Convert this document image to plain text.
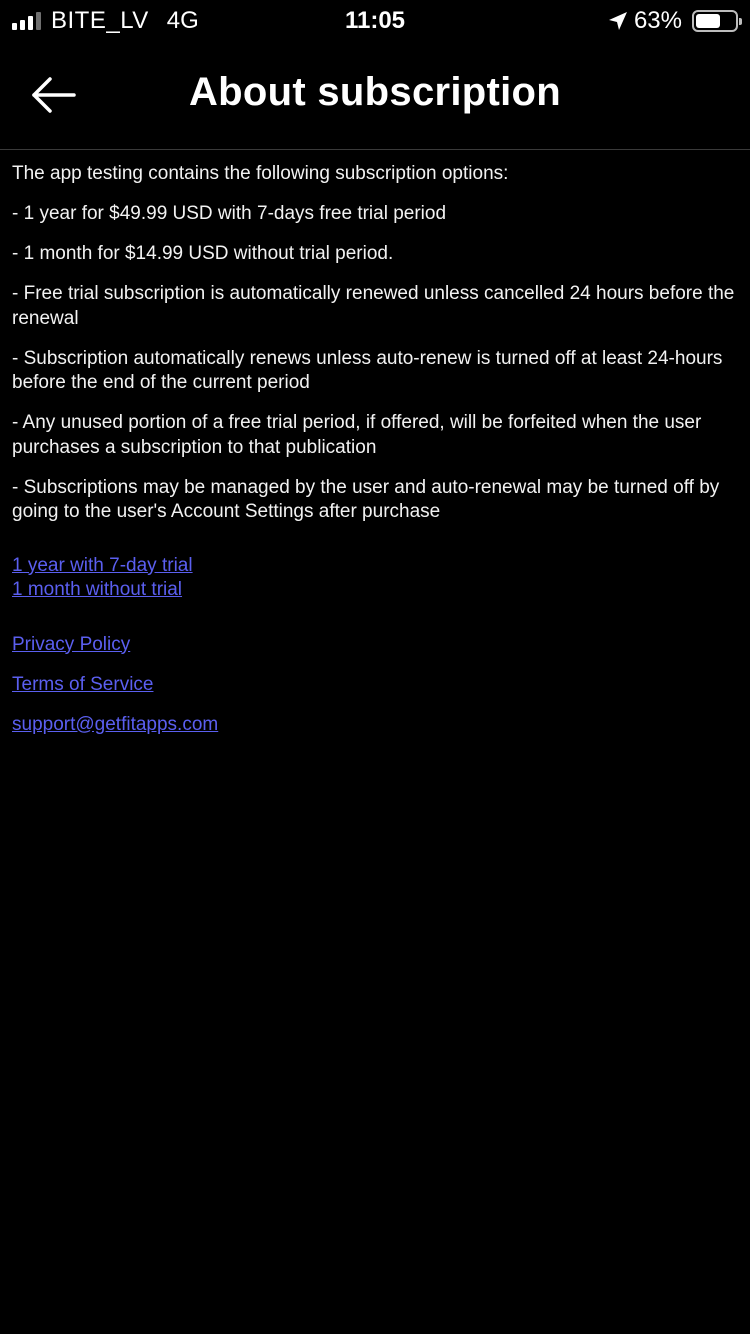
BITE_LV 4G	11:05	63%
About subscription

The app testing contains the following subscription options:

- 1 year for $49.99 USD with 7-days free trial period

- 1 month for $14.99 USD without trial period.

- Free trial subscription is automatically renewed unless cancelled 24 hours before the renewal

- Subscription automatically renews unless auto-renew is turned off at least 24-hours before the end of the current period

- Any unused portion of a free trial period, if offered, will be forfeited when the user purchases a subscription to that publication

- Subscriptions may be managed by the user and auto-renewal may be turned off by going to the user's Account Settings after purchase

1 year with 7-day trial
1 month without trial
Privacy Policy
Terms of Service
support@getfitapps.com
